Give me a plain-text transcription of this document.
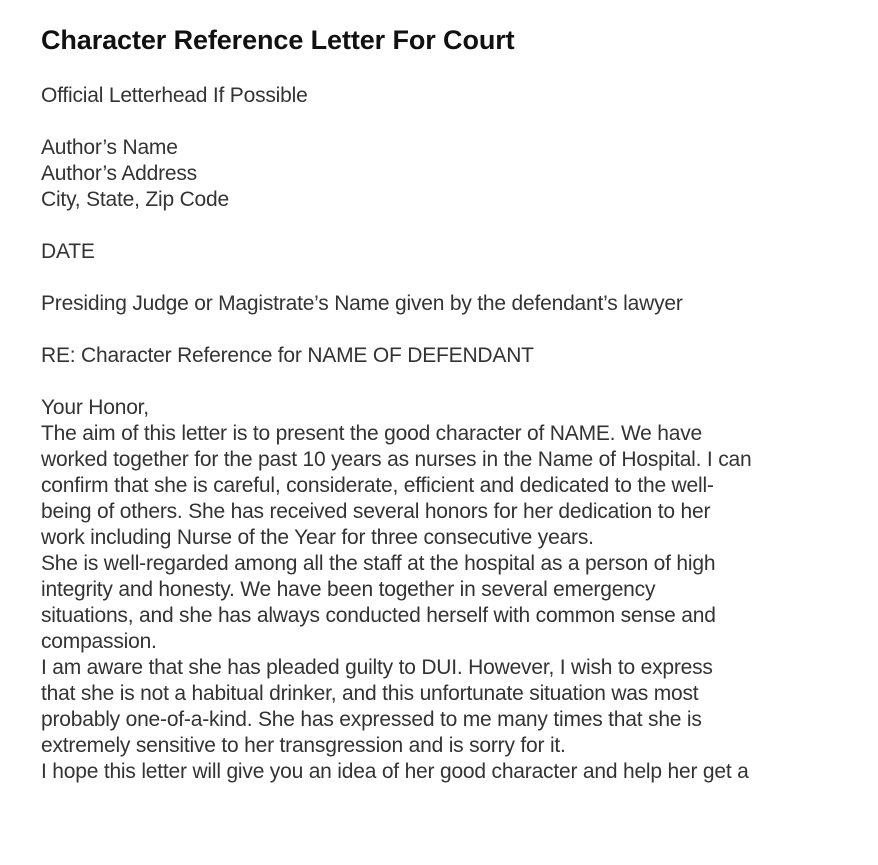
Character Reference Letter For Court

Official Letterhead If Possible

Author’s Name

Author’s Address

City, State, Zip Code

DATE

Presiding Judge or Magistrate’s Name given by the defendant’s lawyer

RE: Character Reference for NAME OF DEFENDANT

Your Honor,

The aim of this letter is to present the good character of NAME. We have
worked together for the past 10 years as nurses in the Name of Hospital. I can
confirm that she is careful, considerate, efficient and dedicated to the well-
being of others. She has received several honors for her dedication to her
work including Nurse of the Year for three consecutive years.
She is well-regarded among all the staff at the hospital as a person of high
integrity and honesty. We have been together in several emergency
situations, and she has always conducted herself with common sense and
compassion.
I am aware that she has pleaded guilty to DUI. However, I wish to express
that she is not a habitual drinker, and this unfortunate situation was most
probably one-of-a-kind. She has expressed to me many times that she is
extremely sensitive to her transgression and is sorry for it.
I hope this letter will give you an idea of her good character and help her get a
